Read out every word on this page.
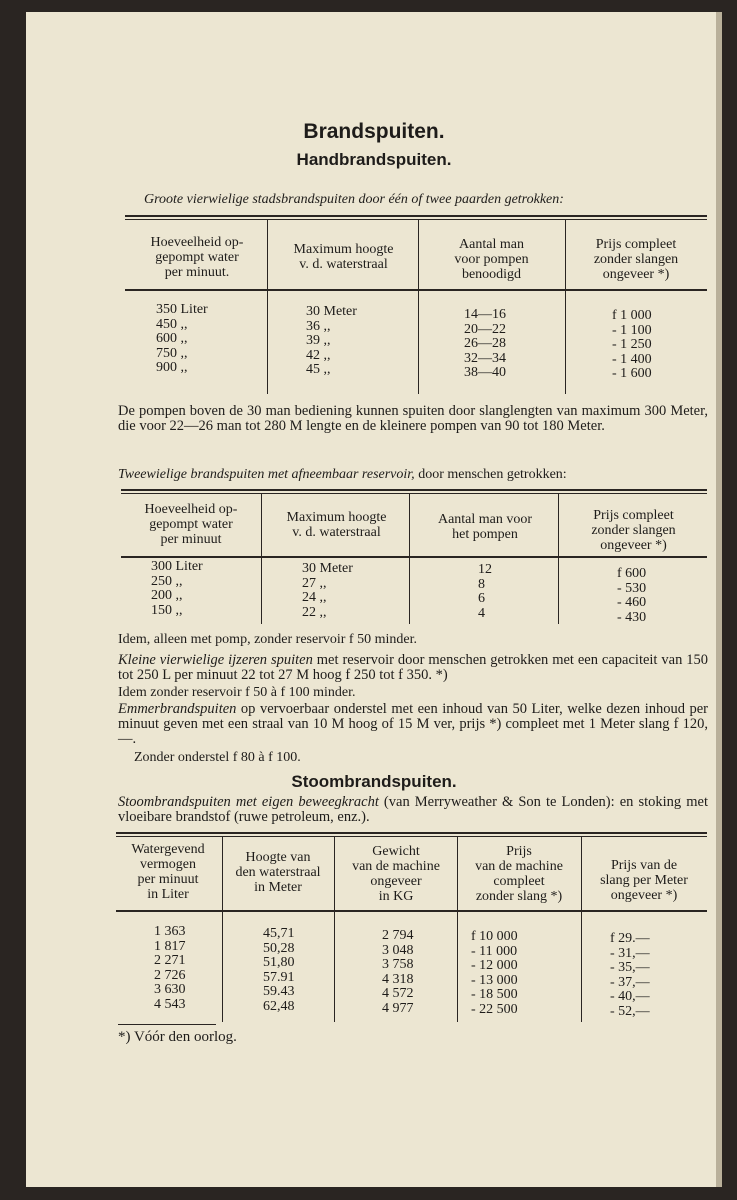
Brandspuiten.
Handbrandspuiten.
Groote vierwielige stadsbrandspuiten door één of twee paarden getrokken:
Hoeveelheid op-
gepompt water
per minuut.
Maximum hoogte
v. d. waterstraal
Aantal man
voor pompen
benoodigd
Prijs compleet
zonder slangen
ongeveer *)
350 Liter
450 ,,
600 ,,
750 ,,
900 ,,
30 Meter
36 ,,
39 ,,
42 ,,
45 ,,
14—16
20—22
26—28
32—34
38—40
f 1 000
- 1 100
- 1 250
- 1 400
- 1 600
De pompen boven de 30 man bediening kunnen spuiten door slanglengten van maximum 300 Meter, die voor 22—26 man tot 280 M lengte en de kleinere pompen van 90 tot 180 Meter.
Tweewielige brandspuiten met afneembaar reservoir, door menschen getrokken:
Hoeveelheid op-
gepompt water
per minuut
Maximum hoogte
v. d. waterstraal
Aantal man voor
het pompen
Prijs compleet
zonder slangen
ongeveer *)
300 Liter
250 ,,
200 ,,
150 ,,
30 Meter
27 ,,
24 ,,
22 ,,
12
8
6
4
f 600
- 530
- 460
- 430
Idem, alleen met pomp, zonder reservoir f 50 minder.
Kleine vierwielige ijzeren spuiten met reservoir door menschen getrokken met een capaciteit van 150 tot 250 L per minuut 22 tot 27 M hoog f 250 tot f 350. *)
Idem zonder reservoir f 50 à f 100 minder.
Emmerbrandspuiten op vervoerbaar onderstel met een inhoud van 50 Liter, welke dezen inhoud per minuut geven met een straal van 10 M hoog of 15 M ver, prijs *) compleet met 1 Meter slang f 120,—.
Zonder onderstel f 80 à f 100.
Stoombrandspuiten.
Stoombrandspuiten met eigen beweegkracht (van Merryweather & Son te Londen): en stoking met vloeibare brandstof (ruwe petroleum, enz.).
Watergevend
vermogen
per minuut
in Liter
Hoogte van
den waterstraal
in Meter
Gewicht
van de machine
ongeveer
in KG
Prijs
van de machine
compleet
zonder slang *)
Prijs van de
slang per Meter
ongeveer *)
1 363
1 817
2 271
2 726
3 630
4 543
45,71
50,28
51,80
57.91
59.43
62,48
2 794
3 048
3 758
4 318
4 572
4 977
f 10 000
- 11 000
- 12 000
- 13 000
- 18 500
- 22 500
f 29.—
- 31,—
- 35,—
- 37,—
- 40,—
- 52,—
*) Vóór den oorlog.
